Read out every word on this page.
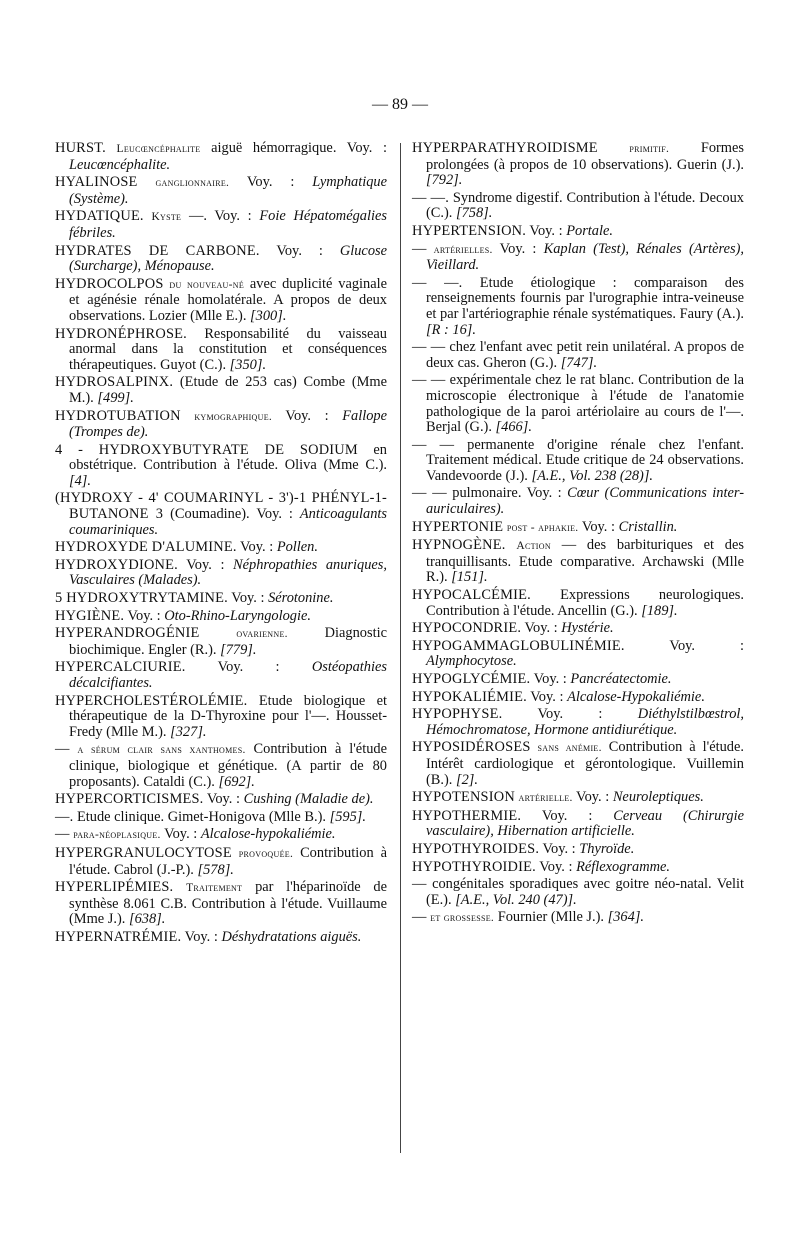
— 89 —

HURST. Leucœncéphalite aiguë hémorragique. Voy. : Leucœncéphalite.

HYALINOSE ganglionnaire. Voy. : Lymphatique (Système).

HYDATIQUE. Kyste —. Voy. : Foie Hépatomégalies fébriles.

HYDRATES DE CARBONE. Voy. : Glucose (Surcharge), Ménopause.

HYDROCOLPOS du nouveau-né avec duplicité vaginale et agénésie rénale homolatérale. A propos de deux observations. Lozier (Mlle E.). [300].

HYDRONÉPHROSE. Responsabilité du vaisseau anormal dans la constitution et conséquences thérapeutiques. Guyot (C.). [350].

HYDROSALPINX. (Etude de 253 cas) Combe (Mme M.). [499].

HYDROTUBATION kymographique. Voy. : Fallope (Trompes de).

4 - HYDROXYBUTYRATE DE SODIUM en obstétrique. Contribution à l'étude. Oliva (Mme C.). [4].

(HYDROXY - 4' COUMARINYL - 3')-1 PHÉNYL-1-BUTANONE 3 (Coumadine). Voy. : Anticoagulants coumariniques.

HYDROXYDE D'ALUMINE. Voy. : Pollen.

HYDROXYDIONE. Voy. : Néphropathies anuriques, Vasculaires (Malades).

5 HYDROXYTRYTAMINE. Voy. : Sérotonine.

HYGIÈNE. Voy. : Oto-Rhino-Laryngologie.

HYPERANDROGÉNIE	ovarienne.	Diagnostic biochimique. Engler (R.). [779].

HYPERCALCIURIE. Voy. : Ostéopathies décalcifiantes.

HYPERCHOLESTÉROLÉMIE. Etude biologique et thérapeutique de la D-Thyroxine pour l'—. Housset-Fredy (Mlle M.). [327].

— a sérum clair sans xanthomes. Contribution à l'étude clinique, biologique et génétique. (A partir de 80 proposants). Cataldi (C.). [692].

HYPERCORTICISMES. Voy. : Cushing (Maladie de).

—. Etude clinique. Gimet-Honigova (Mlle B.). [595].

— para-néoplasique. Voy. : Alcalose-hypokaliémie.

HYPERGRANULOCYTOSE provoquée. Contribution à l'étude. Cabrol (J.-P.). [578].

HYPERLIPÉMIES. Traitement par l'héparinoïde de synthèse 8.061 C.B. Contribution à l'étude. Vuillaume (Mme J.). [638].

HYPERNATRÉMIE. Voy. : Déshydratations aiguës.

HYPERPARATHYROIDISME	primitif. Formes prolongées (à propos de 10 observations). Guerin (J.). [792].

— —. Syndrome digestif. Contribution à l'étude. Decoux (C.). [758].

HYPERTENSION. Voy. : Portale.

— artérielles. Voy. : Kaplan (Test), Rénales (Artères), Vieillard.

— —. Etude étiologique : comparaison des renseignements fournis par l'urographie intra-veineuse et par l'artériographie rénale systématiques. Faury (A.). [R : 16].

— — chez l'enfant avec petit rein unilatéral. A propos de deux cas. Gheron (G.). [747].

— — expérimentale chez le rat blanc. Contribution de la microscopie électronique à l'étude de l'anatomie pathologique de la paroi artériolaire au cours de l'—. Berjal (G.). [466].

— — permanente d'origine rénale chez l'enfant. Traitement médical. Etude critique de 24 observations. Vandevoorde (J.). [A.E., Vol. 238 (28)].

— — pulmonaire. Voy. : Cœur (Communications inter-auriculaires).

HYPERTONIE post - aphakie. Voy. : Cristallin.

HYPNOGÈNE. Action — des barbituriques et des tranquillisants. Etude comparative. Archawski (Mlle R.). [151].

HYPOCALCÉMIE. Expressions neurologiques. Contribution à l'étude. Ancellin (G.). [189].

HYPOCONDRIE. Voy. : Hystérie.

HYPOGAMMAGLOBULINÉMIE.	Voy. : Alymphocytose.

HYPOGLYCÉMIE. Voy. : Pancréatectomie.

HYPOKALIÉMIE. Voy. : Alcalose-Hypokaliémie.

HYPOPHYSE. Voy. : Diéthylstilbœstrol, Hémochromatose, Hormone antidiurétique.

HYPOSIDÉROSES sans anémie. Contribution à l'étude. Intérêt cardiologique et gérontologique. Vuillemin (B.). [2].

HYPOTENSION artérielle. Voy. : Neuroleptiques.

HYPOTHERMIE. Voy. : Cerveau (Chirurgie vasculaire), Hibernation artificielle.

HYPOTHYROIDES. Voy. : Thyroïde.

HYPOTHYROIDIE. Voy. : Réflexogramme.

— congénitales sporadiques avec goitre néo-natal. Velit (E.). [A.E., Vol. 240 (47)].

— et grossesse. Fournier (Mlle J.). [364].
